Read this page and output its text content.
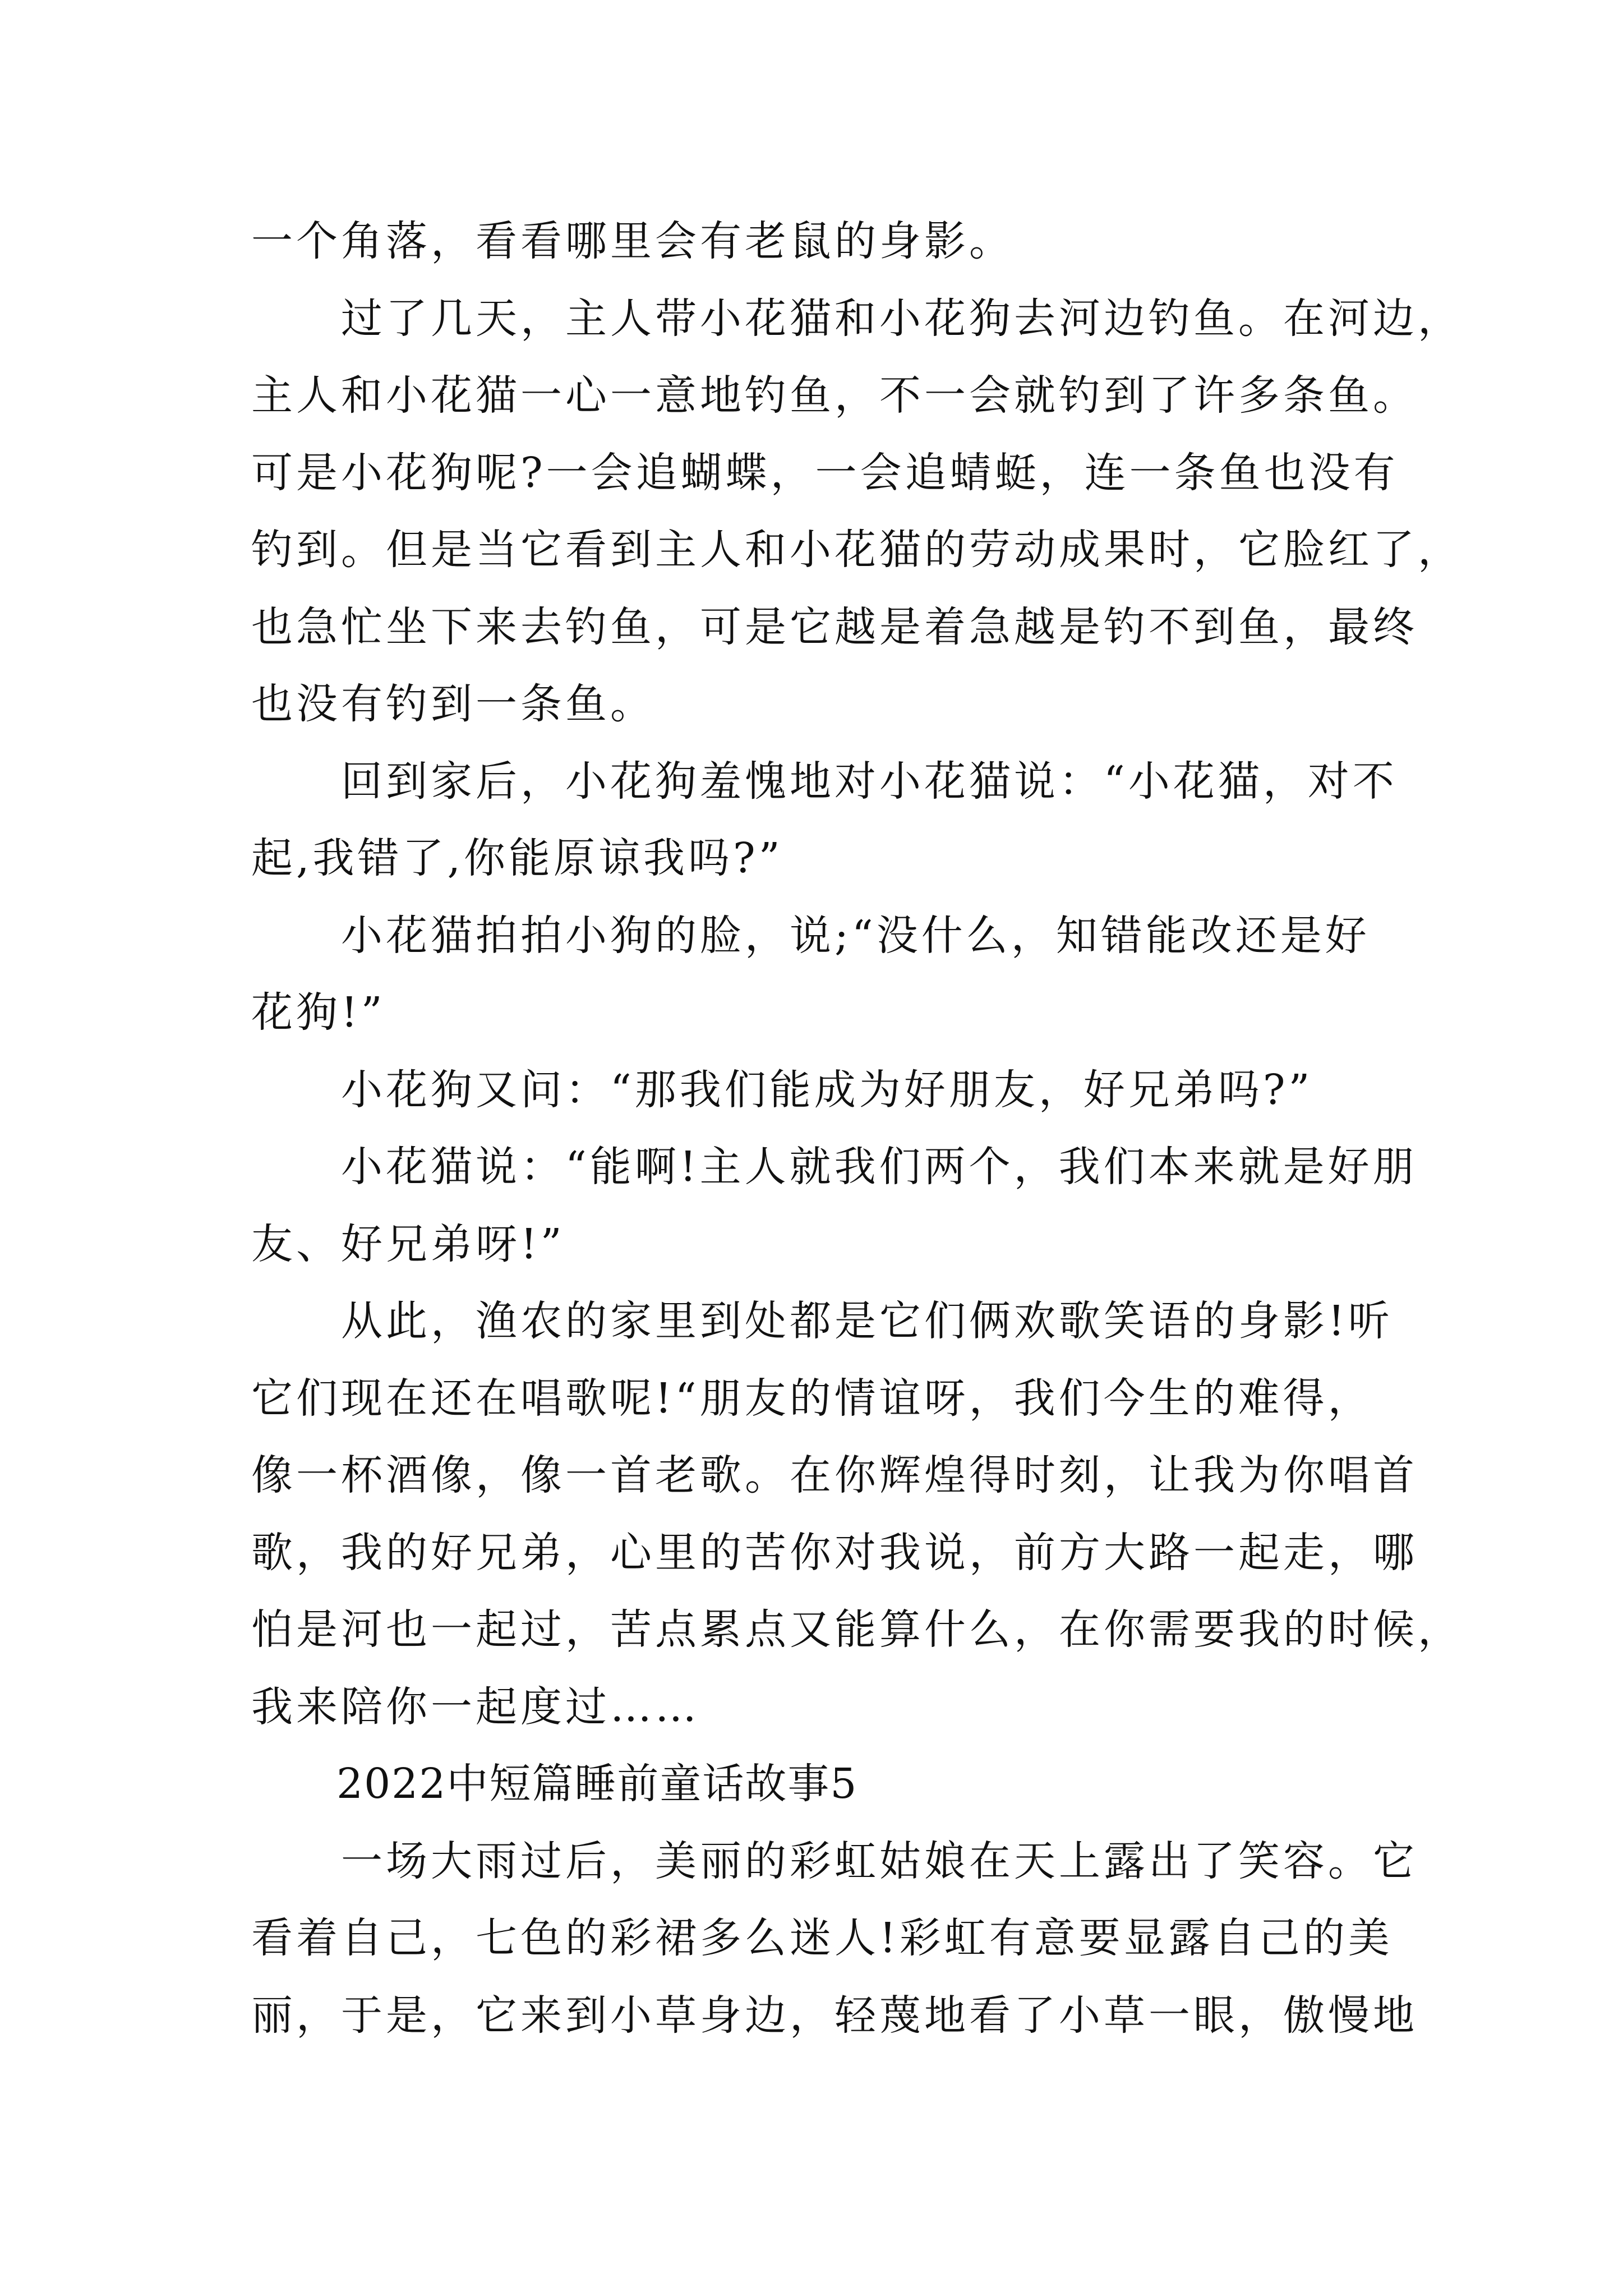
一个角落，看看哪里会有老鼠的身影。
过了几天，主人带小花猫和小花狗去河边钓鱼。在河边，
主人和小花猫一心一意地钓鱼，不一会就钓到了许多条鱼。
可是小花狗呢?一会追蝴蝶，一会追蜻蜓，连一条鱼也没有
钓到。但是当它看到主人和小花猫的劳动成果时，它脸红了，
也急忙坐下来去钓鱼，可是它越是着急越是钓不到鱼，最终
也没有钓到一条鱼。
回到家后，小花狗羞愧地对小花猫说：“小花猫，对不
起,我错了,你能原谅我吗?”
小花猫拍拍小狗的脸，说;“没什么，知错能改还是好
花狗!”
小花狗又问：“那我们能成为好朋友，好兄弟吗?”
小花猫说：“能啊!主人就我们两个，我们本来就是好朋
友、好兄弟呀!”
从此，渔农的家里到处都是它们俩欢歌笑语的身影!听
它们现在还在唱歌呢!“朋友的情谊呀，我们今生的难得，
像一杯酒像，像一首老歌。在你辉煌得时刻，让我为你唱首
歌，我的好兄弟，心里的苦你对我说，前方大路一起走，哪
怕是河也一起过，苦点累点又能算什么，在你需要我的时候，
我来陪你一起度过……
2022中短篇睡前童话故事5
一场大雨过后，美丽的彩虹姑娘在天上露出了笑容。它
看着自己，七色的彩裙多么迷人!彩虹有意要显露自己的美
丽，于是，它来到小草身边，轻蔑地看了小草一眼，傲慢地
